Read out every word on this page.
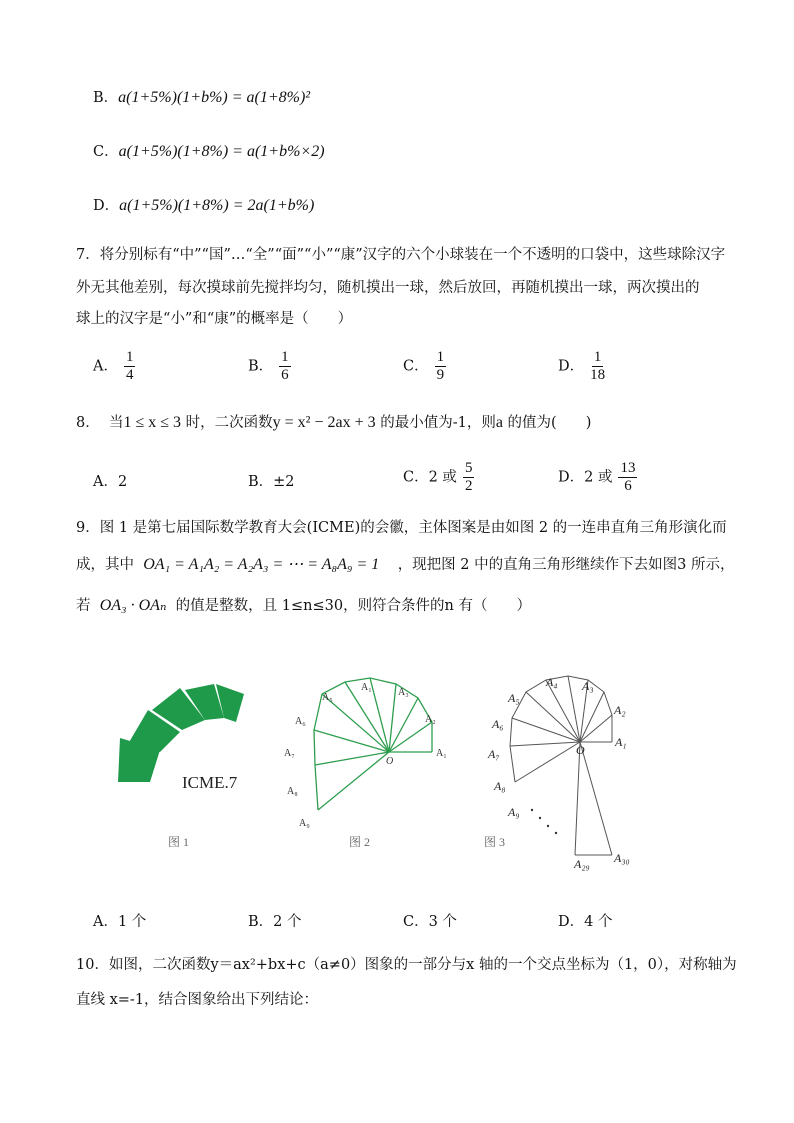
B．a(1+5%)(1+b%) = a(1+8%)²
C．a(1+5%)(1+8%) = a(1+b%×2)
D．a(1+5%)(1+8%) = 2a(1+b%)
7．将分别标有“中”“国”…“全”“面”“小”“康”汉字的六个小球装在一个不透明的口袋中，这些球除汉字
外无其他差别，每次摸球前先搅拌均匀，随机摸出一球，然后放回，再随机摸出一球，两次摸出的
球上的汉字是“小”和“康”的概率是（　　）
A． $\frac{1}{4}$	B． $\frac{1}{6}$	C． $\frac{1}{9}$	D． $\frac{1}{18}$
8． 当1 ≤ x ≤ 3 时，二次函数y = x² − 2ax + 3 的最小值为-1，则a 的值为(　　)
A．2	B．±2	C．2 或 $\frac{5}{2}$	D．2 或 $\frac{13}{6}$
9．图 1 是第七届国际数学教育大会(ICME)的会徽，主体图案是由如图 2 的一连串直角三角形演化而
成，其中 OA₁ = A₁A₂ = A₂A₃ = ⋯ = A₈A₉ = 1 ，现把图 2 中的直角三角形继续作下去如图3 所示，
若 OA₃ · OAₙ 的值是整数，且 1≤n≤30，则符合条件的n 有（　　）
ICME.7
A₁
A₂
A₃
A₁
A₅
A₆
A₇
A₈
A₉
O
图 2
A₁
A₂
A₃
A₄
A₅
A₆
A₇
A₈
A₉
O
A₂₉ A₃₀
图 3
图 1
A．1 个	B．2 个	C．3 个	D．4 个
10．如图，二次函数y＝ax²+bx+c（a≠0）图象的一部分与x 轴的一个交点坐标为（1，0），对称轴为
直线 x=-1，结合图象给出下列结论：
